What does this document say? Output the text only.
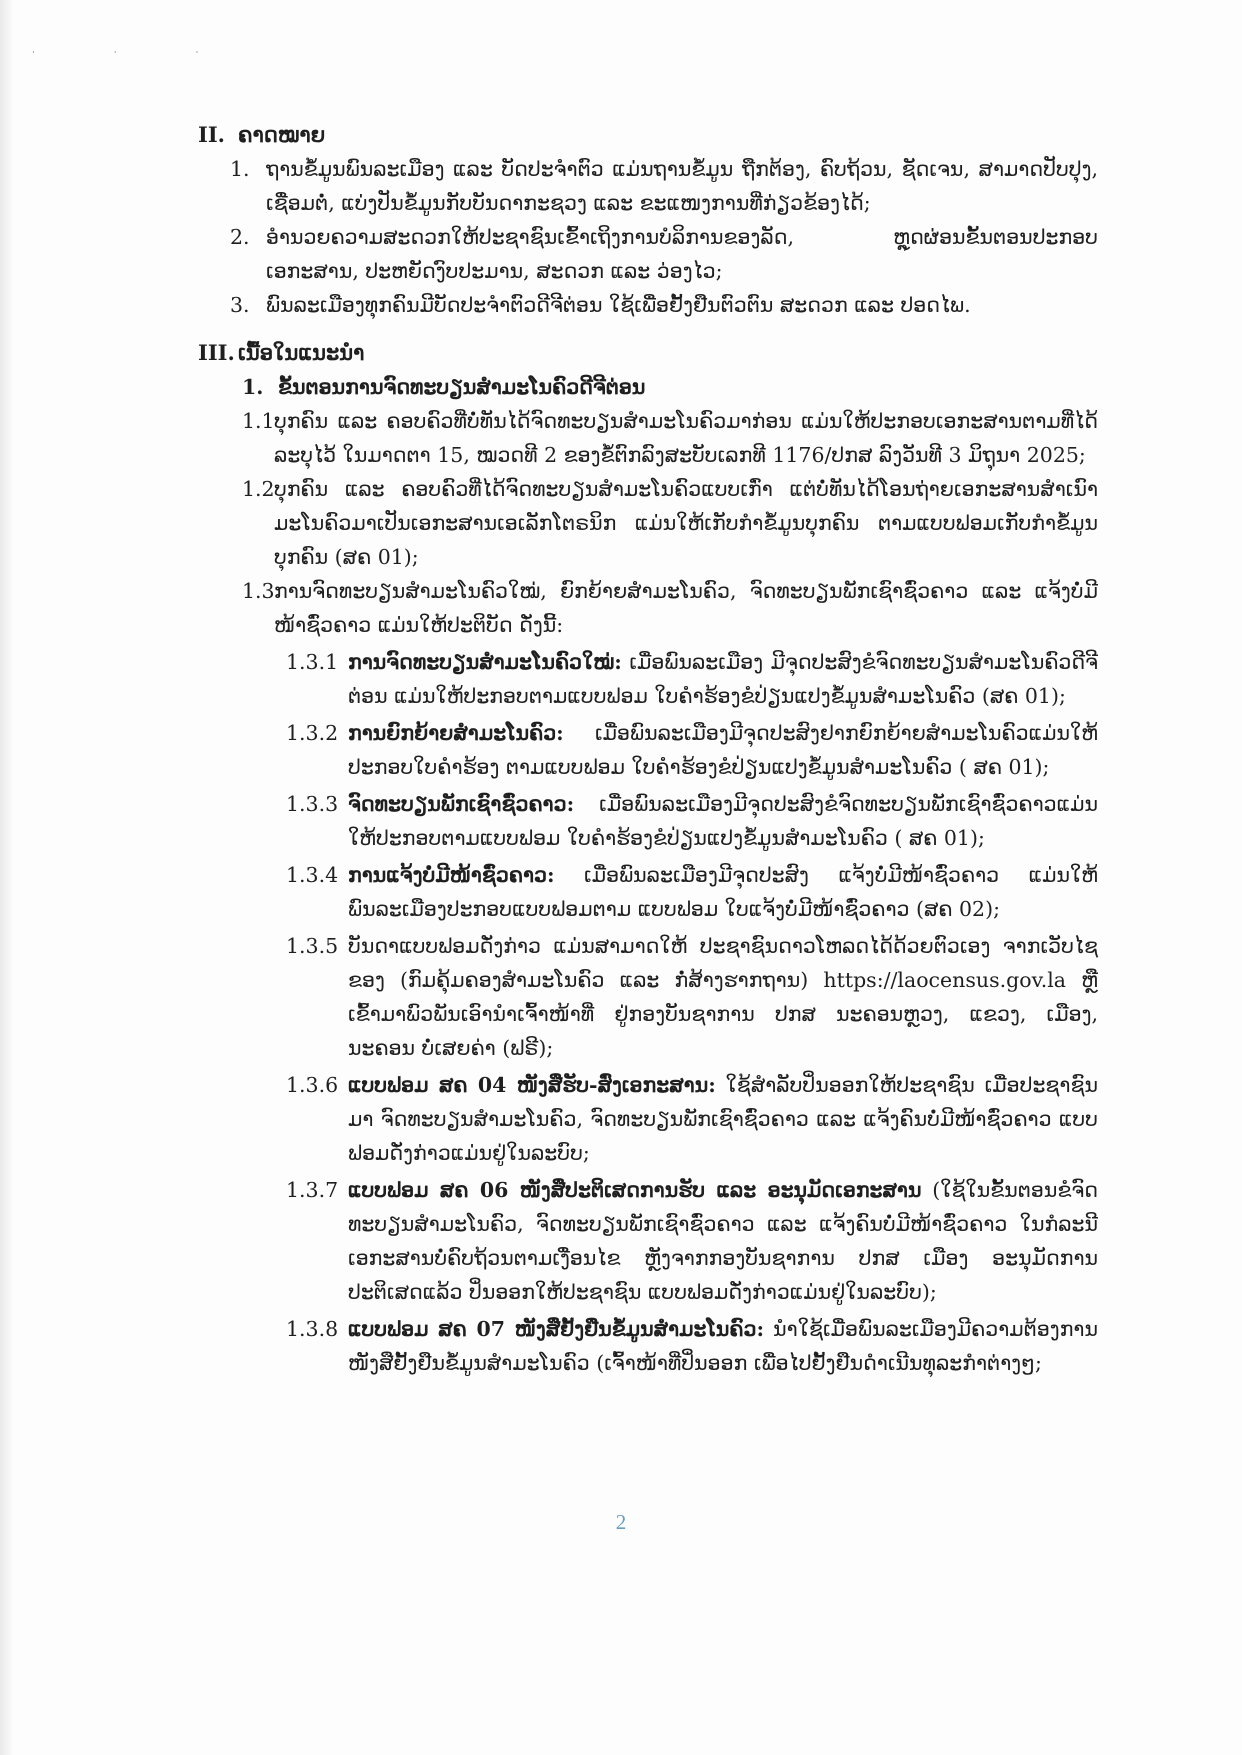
· · ·
II. ຄາດໝາຍ
1. ຖານຂໍ້ມູນພົນລະເມືອງ ແລະ ບັດປະຈໍາຕົວ ແມ່ນຖານຂໍ້ມູນ ຖືກຕ້ອງ, ຄົບຖ້ວນ, ຊັດເຈນ, ສາມາດປັບປຸງ, ເຊື່ອມຕໍ່, ແບ່ງປັນຂໍ້ມູນກັບບັນດາກະຊວງ ແລະ ຂະແໜງການທີ່ກ່ຽວຂ້ອງໄດ້;
2. ອໍານວຍຄວາມສະດວກໃຫ້ປະຊາຊົນເຂົ້າເຖິງການບໍລິການຂອງລັດ, ຫຼຸດຜ່ອນຂັ້ນຕອນປະກອບເອກະສານ, ປະຫຍັດງົບປະມານ, ສະດວກ ແລະ ວ່ອງໄວ;
3. ພົນລະເມືອງທຸກຄົນມີບັດປະຈໍາຕົວດີຈີຕ່ອນ ໃຊ້ເພື່ອຢັ້ງຢືນຕົວຕົນ ສະດວກ ແລະ ປອດໄພ.
III. ເນື້ອໃນແນະນໍາ
1. ຂັ້ນຕອນການຈົດທະບຽນສໍາມະໂນຄົວດີຈີຕ່ອນ
1.1 ບຸກຄົນ ແລະ ຄອບຄົວທີ່ບໍ່ທັນໄດ້ຈົດທະບຽນສໍາມະໂນຄົວມາກ່ອນ ແມ່ນໃຫ້ປະກອບເອກະສານຕາມທີ່ໄດ້ລະບຸໄວ້ ໃນມາດຕາ 15, ໝວດທີ 2 ຂອງຂໍ້ຕົກລົງສະບັບເລກທີ 1176/ປກສ ລົງວັນທີ 3 ມິຖຸນາ 2025;
1.2 ບຸກຄົນ ແລະ ຄອບຄົວທີ່ໄດ້ຈົດທະບຽນສໍາມະໂນຄົວແບບເກົ່າ ແຕ່ບໍ່ທັນໄດ້ໂອນຖ່າຍເອກະສານສໍາເນົາມະໂນຄົວມາເປັນເອກະສານເອເລັກໂຕຣນິກ ແມ່ນໃຫ້ເກັບກໍາຂໍ້ມູນບຸກຄົນ ຕາມແບບຟອມເກັບກໍາຂໍ້ມູນບຸກຄົນ (ສຄ 01);
1.3 ການຈົດທະບຽນສໍາມະໂນຄົວໃໝ່, ຍົກຍ້າຍສໍາມະໂນຄົວ, ຈົດທະບຽນພັກເຊົາຊົ່ວຄາວ ແລະ ແຈ້ງບໍ່ມີໜ້າຊົ່ວຄາວ ແມ່ນໃຫ້ປະຕິບັດ ດັ່ງນີ້:
1.3.1 ການຈົດທະບຽນສໍາມະໂນຄົວໃໝ່: ເມື່ອພົນລະເມືອງ ມີຈຸດປະສົງຂໍຈົດທະບຽນສໍາມະໂນຄົວດີຈີຕ່ອນ ແມ່ນໃຫ້ປະກອບຕາມແບບຟອມ ໃບຄໍາຮ້ອງຂໍປ່ຽນແປງຂໍ້ມູນສໍາມະໂນຄົວ (ສຄ 01);
1.3.2 ການຍົກຍ້າຍສໍາມະໂນຄົວ: ເມື່ອພົນລະເມືອງມີຈຸດປະສົງຢາກຍົກຍ້າຍສໍາມະໂນຄົວແມ່ນໃຫ້ປະກອບໃບຄໍາຮ້ອງ ຕາມແບບຟອມ ໃບຄໍາຮ້ອງຂໍປ່ຽນແປງຂໍ້ມູນສໍາມະໂນຄົວ ( ສຄ 01);
1.3.3 ຈົດທະບຽນພັກເຊົາຊົ່ວຄາວ: ເມື່ອພົນລະເມືອງມີຈຸດປະສົງຂໍຈົດທະບຽນພັກເຊົາຊົ່ວຄາວແມ່ນໃຫ້ປະກອບຕາມແບບຟອມ ໃບຄໍາຮ້ອງຂໍປ່ຽນແປງຂໍ້ມູນສໍາມະໂນຄົວ ( ສຄ 01);
1.3.4 ການແຈ້ງບໍ່ມີໜ້າຊົ່ວຄາວ: ເມື່ອພົນລະເມືອງມີຈຸດປະສົງ ແຈ້ງບໍ່ມີໜ້າຊົ່ວຄາວ ແມ່ນໃຫ້ພົນລະເມືອງປະກອບແບບຟອມຕາມ ແບບຟອມ ໃບແຈ້ງບໍ່ມີໜ້າຊົ່ວຄາວ (ສຄ 02);
1.3.5 ບັນດາແບບຟອມດັ່ງກ່າວ ແມ່ນສາມາດໃຫ້ ປະຊາຊົນດາວໂຫລດໄດ້ດ້ວຍຕົວເອງ ຈາກເວັບໄຊຂອງ (ກົມຄຸ້ມຄອງສໍາມະໂນຄົວ ແລະ ກໍ່ສ້າງຮາກຖານ) https://laocensus.gov.la ຫຼື ເຂົ້າມາພົວພັນເອົານໍາເຈົ້າໜ້າທີ່ ຢູ່ກອງບັນຊາການ ປກສ ນະຄອນຫຼວງ, ແຂວງ, ເມືອງ, ນະຄອນ ບໍ່ເສຍຄ່າ (ຟຣີ);
1.3.6 ແບບຟອມ ສຄ 04 ໜັງສືຮັບ-ສົ່ງເອກະສານ: ໃຊ້ສໍາລັບປິ່ນອອກໃຫ້ປະຊາຊົນ ເມື່ອປະຊາຊົນມາ ຈົດທະບຽນສໍາມະໂນຄົວ, ຈົດທະບຽນພັກເຊົາຊົ່ວຄາວ ແລະ ແຈ້ງຄົນບໍ່ມີໜ້າຊົ່ວຄາວ ແບບຟອມດັ່ງກ່າວແມ່ນຢູ່ໃນລະບົບ;
1.3.7 ແບບຟອມ ສຄ 06 ໜັງສືປະຕິເສດການຮັບ ແລະ ອະນຸມັດເອກະສານ (ໃຊ້ໃນຂັ້ນຕອນຂໍຈົດທະບຽນສໍາມະໂນຄົວ, ຈົດທະບຽນພັກເຊົາຊົ່ວຄາວ ແລະ ແຈ້ງຄົນບໍ່ມີໜ້າຊົ່ວຄາວ ໃນກໍລະນີເອກະສານບໍ່ຄົບຖ້ວນຕາມເງື່ອນໄຂ ຫຼັງຈາກກອງບັນຊາການ ປກສ ເມືອງ ອະນຸມັດການປະຕິເສດແລ້ວ ປິ່ນອອກໃຫ້ປະຊາຊົນ ແບບຟອມດັ່ງກ່າວແມ່ນຢູ່ໃນລະບົບ);
1.3.8 ແບບຟອມ ສຄ 07 ໜັງສືຢັ້ງຢືນຂໍ້ມູນສໍາມະໂນຄົວ: ນໍາໃຊ້ເມື່ອພົນລະເມືອງມີຄວາມຕ້ອງການ ໜັງສືຢັ້ງຢືນຂໍ້ມູນສໍາມະໂນຄົວ (ເຈົ້າໜ້າທີ່ປິ່ນອອກ ເພື່ອໄປຢັ້ງຢືນດໍາເນີນທຸລະກໍາຕ່າງໆ;
2
